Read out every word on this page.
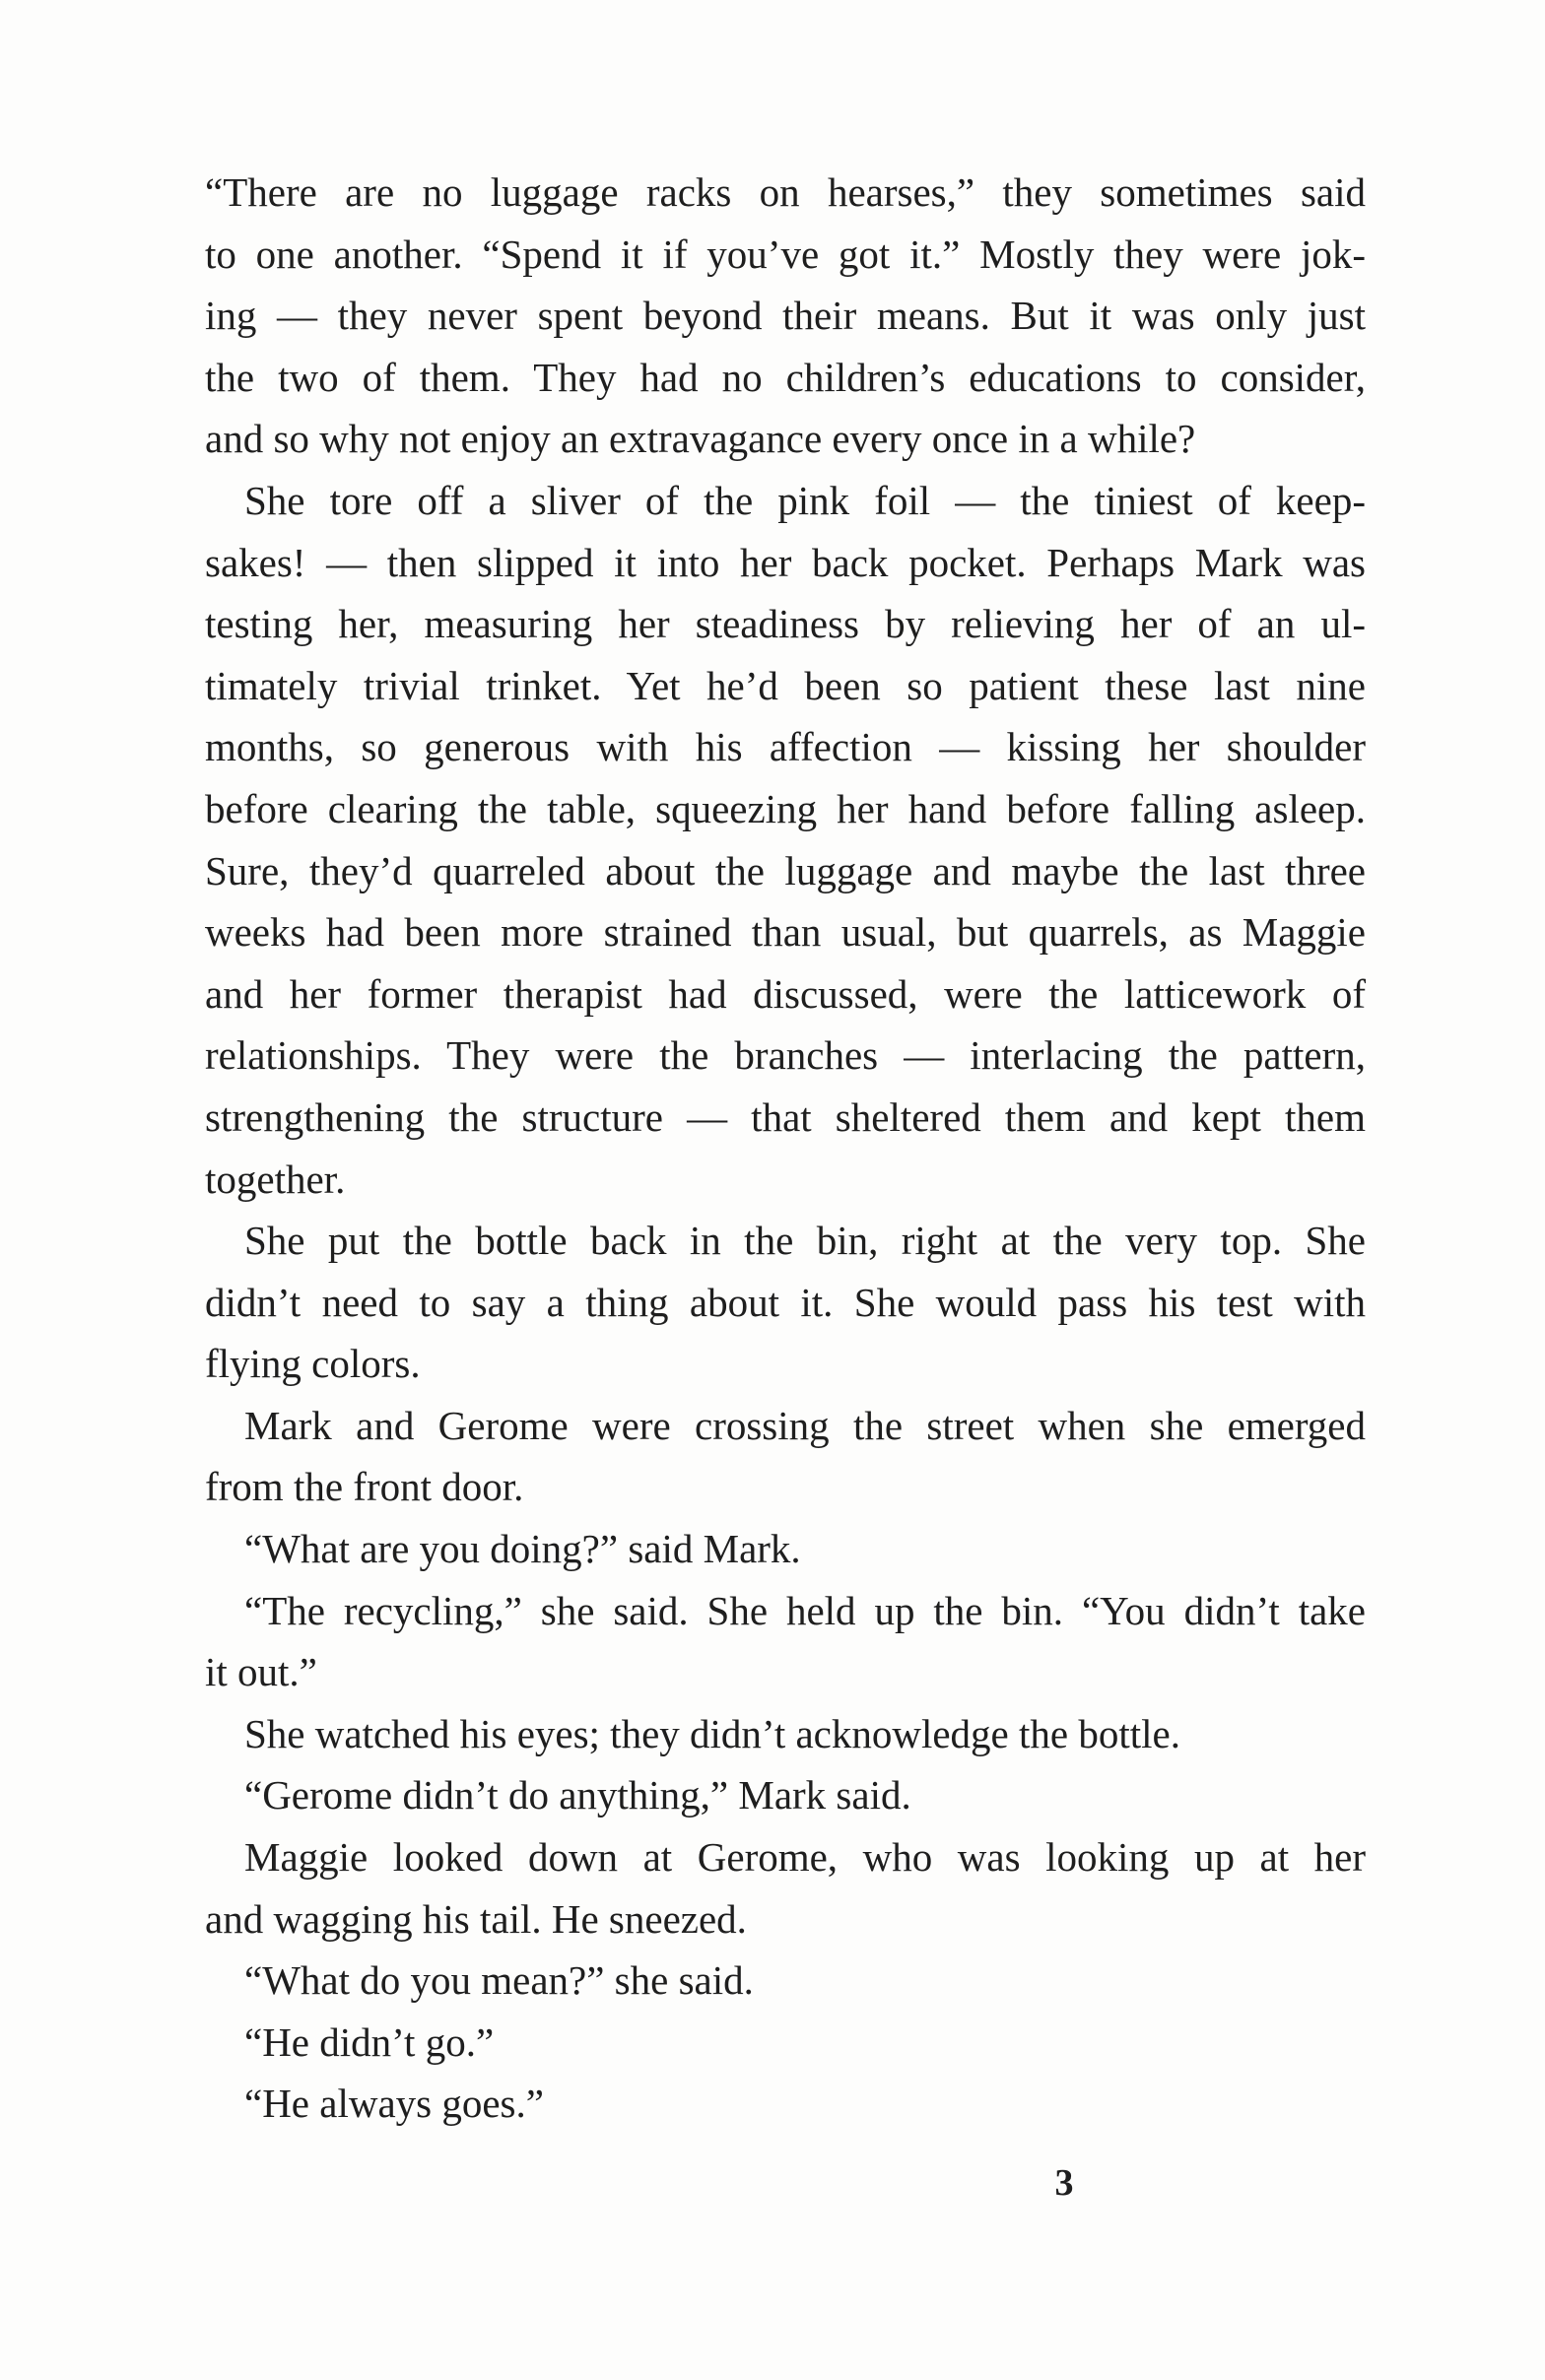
“There are no luggage racks on hearses,” they sometimes said
to one another. “Spend it if you’ve got it.” Mostly they were jok-
ing — they never spent beyond their means. But it was only just
the two of them. They had no children’s educations to consider,
and so why not enjoy an extravagance every once in a while?
She tore off a sliver of the pink foil — the tiniest of keep-
sakes! — then slipped it into her back pocket. Perhaps Mark was
testing her, measuring her steadiness by relieving her of an ul-
timately trivial trinket. Yet he’d been so patient these last nine
months, so generous with his affection — kissing her shoulder
before clearing the table, squeezing her hand before falling asleep.
Sure, they’d quarreled about the luggage and maybe the last three
weeks had been more strained than usual, but quarrels, as Maggie
and her former therapist had discussed, were the latticework of
relationships. They were the branches — interlacing the pattern,
strengthening the structure — that sheltered them and kept them
together.
She put the bottle back in the bin, right at the very top. She
didn’t need to say a thing about it. She would pass his test with
flying colors.
Mark and Gerome were crossing the street when she emerged
from the front door.
“What are you doing?” said Mark.
“The recycling,” she said. She held up the bin. “You didn’t take
it out.”
She watched his eyes; they didn’t acknowledge the bottle.
“Gerome didn’t do anything,” Mark said.
Maggie looked down at Gerome, who was looking up at her
and wagging his tail. He sneezed.
“What do you mean?” she said.
“He didn’t go.”
“He always goes.”
3
